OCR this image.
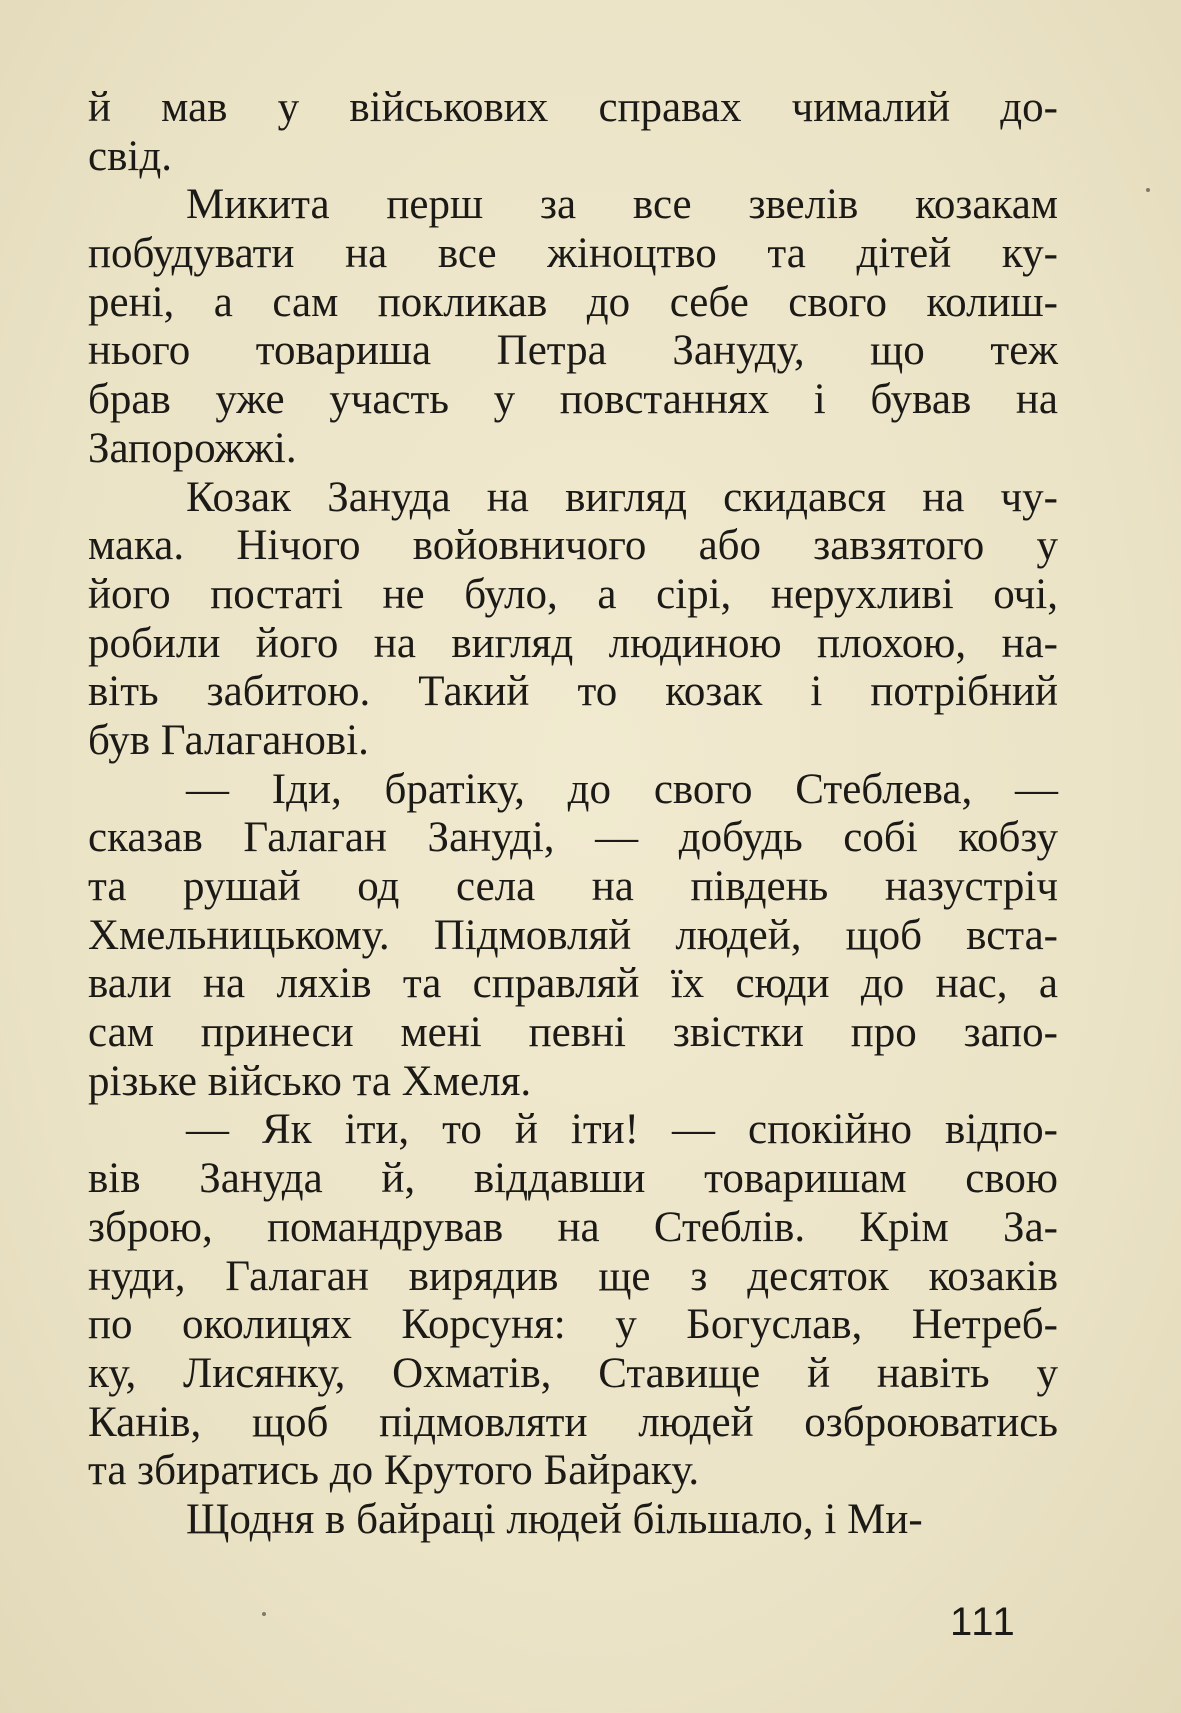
й мав у військових справах чималий до-
свід.
Микита перш за все звелів козакам
побудувати на все жіноцтво та дітей ку-
рені, а сам покликав до себе свого колиш-
нього товариша Петра Зануду, що теж
брав уже участь у повстаннях і бував на
Запорожжі.
Козак Зануда на вигляд скидався на чу-
мака. Нічого войовничого або завзятого у
його постаті не було, а сірі, нерухливі очі,
робили його на вигляд людиною плохою, на-
віть забитою. Такий то козак і потрібний
був Галаганові.
— Іди, братіку, до свого Стеблева, —
сказав Галаган Зануді, — добудь собі кобзу
та рушай од села на південь назустріч
Хмельницькому. Підмовляй людей, щоб вста-
вали на ляхів та справляй їх сюди до нас, а
сам принеси мені певні звістки про запо-
різьке військо та Хмеля.
— Як іти, то й іти! — спокійно відпо-
вів Зануда й, віддавши товаришам свою
зброю, помандрував на Стеблів. Крім За-
нуди, Галаган вирядив ще з десяток козаків
по околицях Корсуня: у Богуслав, Нетреб-
ку, Лисянку, Охматів, Ставище й навіть у
Канів, щоб підмовляти людей озброюватись
та збиратись до Крутого Байраку.
Щодня в байраці людей більшало, і Ми-
111
